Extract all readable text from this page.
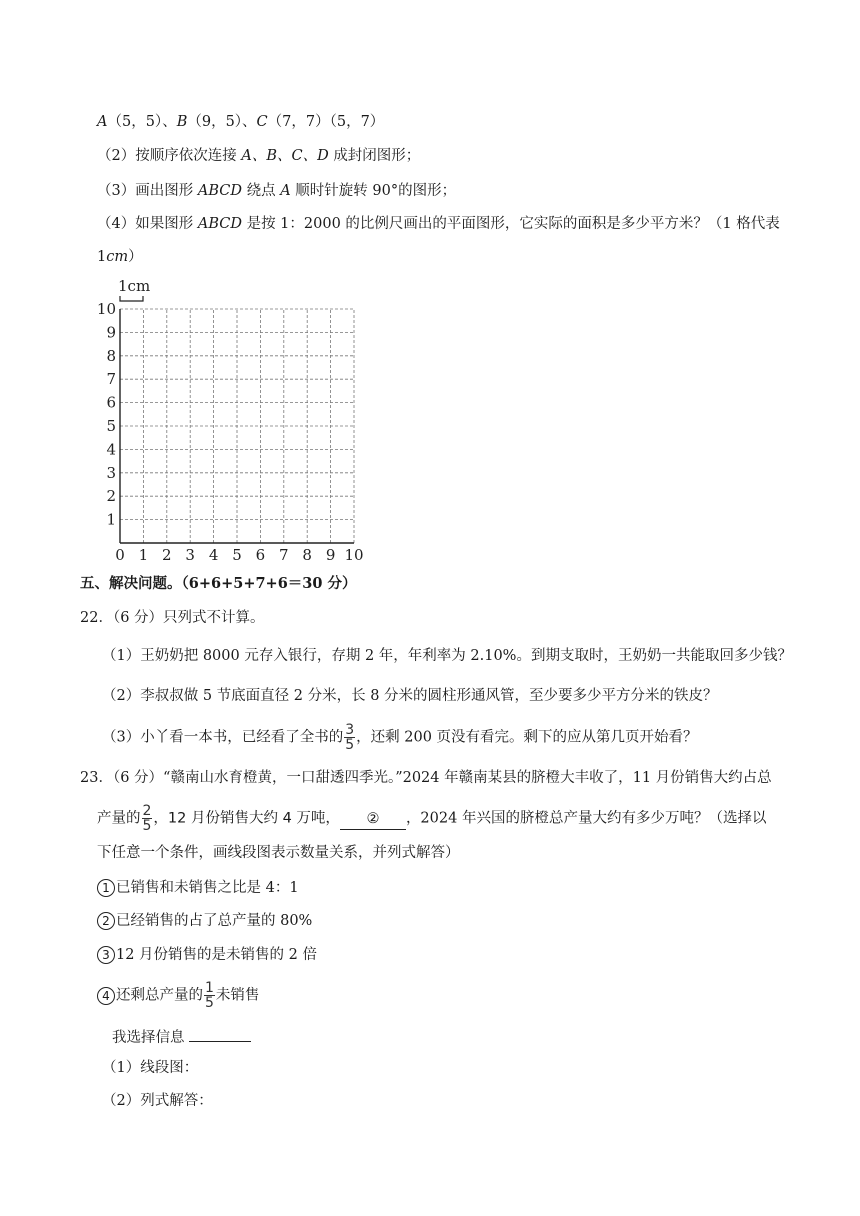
A（5，5）、B（9，5）、C（7，7）（5，7）
（2）按顺序依次连接 A、B、C、D 成封闭图形；
（3）画出图形 ABCD 绕点 A 顺时针旋转 90°的图形；
（4）如果图形 ABCD 是按 1：2000 的比例尺画出的平面图形，它实际的面积是多少平方米？（1 格代表
1cm）
1cm
1
2
3
4
5
6
7
8
9
10
0 1 2 3 4 5 6 7 8 9 10
五、解决问题。（6+6+5+7+6＝30 分）
22．（6 分）只列式不计算。
（1）王奶奶把 8000 元存入银行，存期 2 年，年利率为 2.10%。到期支取时，王奶奶一共能取回多少钱？
（2）李叔叔做 5 节底面直径 2 分米，长 8 分米的圆柱形通风管，至少要多少平方分米的铁皮？
（3）小丫看一本书，已经看了全书的 $\frac{3}{5}$ ，还剩 200 页没有看完。剩下的应从第几页开始看？
23．（6 分）“赣南山水育橙黄，一口甜透四季光。”2024 年赣南某县的脐橙大丰收了，11 月份销售大约占总
产量的 $\frac{2}{5}$ ，12 月份销售大约 4 万吨， ② ，2024 年兴国的脐橙总产量大约有多少万吨？（选择以
下任意一个条件，画线段图表示数量关系，并列式解答）
1 已销售和未销售之比是 4：1
2 已经销售的占了总产量的 80%
3 12 月份销售的是未销售的 2 倍
4 还剩总产量的 $\frac{1}{5}$ 未销售
我选择信息
（1）线段图：
（2）列式解答：
